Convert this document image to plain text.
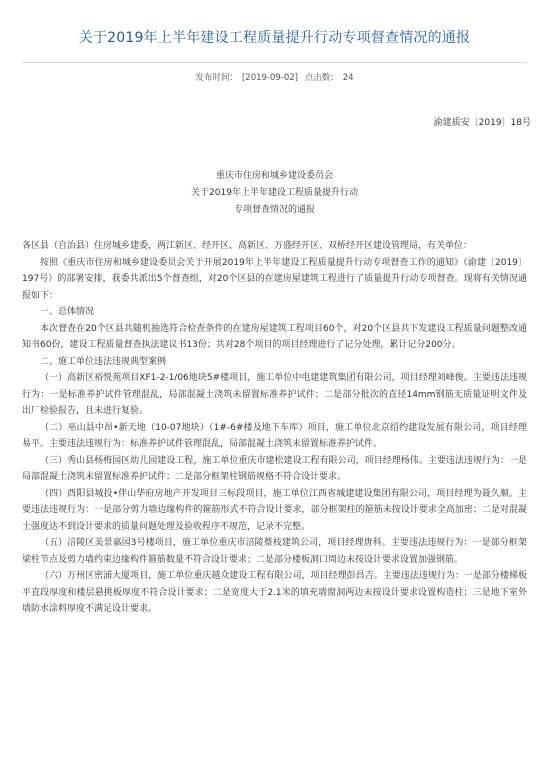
关于2019年上半年建设工程质量提升行动专项督查情况的通报
发布时间： [2019-09-02] 点击数： 24
渝建质安〔2019〕18号
重庆市住房和城乡建设委员会
关于2019年上半年建设工程质量提升行动
专项督查情况的通报

各区县（自治县）住房城乡建委，两江新区、经开区、高新区、万盛经开区、双桥经开区建设管理局，有关单位：

按照《重庆市住房和城乡建设委员会关于开展2019年上半年建设工程质量提升行动专项督查工作的通知》（渝建〔2019〕197号）的部署安排，我委共派出5个督查组，对20个区县的在建房屋建筑工程进行了质量提升行动专项督查。现将有关情况通报如下：

一、总体情况

本次督查在20个区县共随机抽选符合检查条件的在建房屋建筑工程项目60个，对20个区县共下发建设工程质量问题整改通知书60份，建设工程质量督查执法建议书13份；共对28个项目的项目经理进行了记分处理，累计记分200分。

二、施工单位违法违规典型案例

（一）高新区裕悦苑项目XF1-2-1/06地块5#楼项目，施工单位中电建建筑集团有限公司，项目经理刘峰俊。主要违法违规行为：一是标准养护试件管理混乱，局部混凝土浇筑未留置标准养护试件；二是部分批次的直径14mm钢筋无质量证明文件及出厂检验报告，且未进行复验。

（二）巫山县中昂•新天地（10-07地块）（1#-6#楼及地下车库）项目，施工单位北京绍约建设发展有限公司，项目经理易平。主要违法违规行为：标准养护试件管理混乱，局部混凝土浇筑未留置标准养护试件。

（三）秀山县杨梅园区幼儿园建设工程，施工单位重庆市建松建设工程有限公司，项目经理杨伟。主要违法违规行为：一是局部混凝土浇筑未留置标准养护试件；二是部分框架柱钢筋规格不符合设计要求。

（四）酉阳县城投•伴山华府房地产开发项目三标段项目，施工单位江西省城建建设集团有限公司，项目经理为聂久顺。主要违法违规行为：一是部分剪力墙边缘构件的箍筋形式不符合设计要求，部分框架柱的箍筋未按设计要求全高加密；二是对混凝土强度达不到设计要求的质量问题处理及验收程序不规范，记录不完整。

（五）涪陵区美景嘉园3号楼项目，施工单位重庆市涪陵蔡枝建筑公司，项目经理唐科。主要违法违规行为：一是部分框架梁柱节点及剪力墙约束边缘构件箍筋数量不符合设计要求；二是部分楼板洞口周边未按设计要求设置加强钢筋。

（六）万州区密浦大厦项目，施工单位重庆越众建设工程有限公司，项目经理彭昌吉。主要违法违规行为：一是部分楼梯板平直段厚度和楼层悬挑板厚度不符合设计要求；二是宽度大于2.1米的填充墙窗洞两边未按设计要求设置构造柱；三是地下室外墙防水涂料厚度不满足设计要求。
